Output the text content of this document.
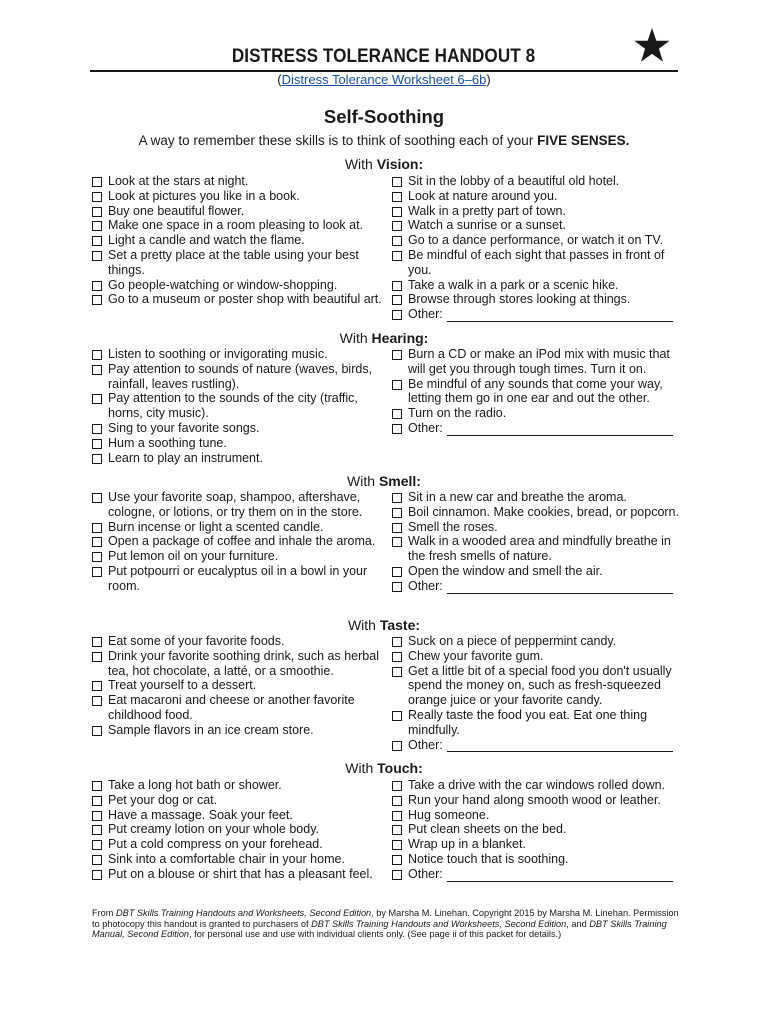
DISTRESS TOLERANCE HANDOUT 8
(Distress Tolerance Worksheet 6–6b)
Self-Soothing
A way to remember these skills is to think of soothing each of your FIVE SENSES.
With Vision:
Look at the stars at night.
Look at pictures you like in a book.
Buy one beautiful flower.
Make one space in a room pleasing to look at.
Light a candle and watch the flame.
Set a pretty place at the table using your best things.
Go people-watching or window-shopping.
Go to a museum or poster shop with beautiful art.
Sit in the lobby of a beautiful old hotel.
Look at nature around you.
Walk in a pretty part of town.
Watch a sunrise or a sunset.
Go to a dance performance, or watch it on TV.
Be mindful of each sight that passes in front of you.
Take a walk in a park or a scenic hike.
Browse through stores looking at things.
Other:
With Hearing:
Listen to soothing or invigorating music.
Pay attention to sounds of nature (waves, birds, rainfall, leaves rustling).
Pay attention to the sounds of the city (traffic, horns, city music).
Sing to your favorite songs.
Hum a soothing tune.
Learn to play an instrument.
Burn a CD or make an iPod mix with music that will get you through tough times. Turn it on.
Be mindful of any sounds that come your way, letting them go in one ear and out the other.
Turn on the radio.
Other:
With Smell:
Use your favorite soap, shampoo, aftershave, cologne, or lotions, or try them on in the store.
Burn incense or light a scented candle.
Open a package of coffee and inhale the aroma.
Put lemon oil on your furniture.
Put potpourri or eucalyptus oil in a bowl in your room.
Sit in a new car and breathe the aroma.
Boil cinnamon. Make cookies, bread, or popcorn.
Smell the roses.
Walk in a wooded area and mindfully breathe in the fresh smells of nature.
Open the window and smell the air.
Other:
With Taste:
Eat some of your favorite foods.
Drink your favorite soothing drink, such as herbal tea, hot chocolate, a latté, or a smoothie.
Treat yourself to a dessert.
Eat macaroni and cheese or another favorite childhood food.
Sample flavors in an ice cream store.
Suck on a piece of peppermint candy.
Chew your favorite gum.
Get a little bit of a special food you don't usually spend the money on, such as fresh-squeezed orange juice or your favorite candy.
Really taste the food you eat. Eat one thing mindfully.
Other:
With Touch:
Take a long hot bath or shower.
Pet your dog or cat.
Have a massage. Soak your feet.
Put creamy lotion on your whole body.
Put a cold compress on your forehead.
Sink into a comfortable chair in your home.
Put on a blouse or shirt that has a pleasant feel.
Take a drive with the car windows rolled down.
Run your hand along smooth wood or leather.
Hug someone.
Put clean sheets on the bed.
Wrap up in a blanket.
Notice touch that is soothing.
Other:
From DBT Skills Training Handouts and Worksheets, Second Edition, by Marsha M. Linehan. Copyright 2015 by Marsha M. Linehan. Permission to photocopy this handout is granted to purchasers of DBT Skills Training Handouts and Worksheets, Second Edition, and DBT Skills Training Manual, Second Edition, for personal use and use with individual clients only. (See page ii of this packet for details.)
